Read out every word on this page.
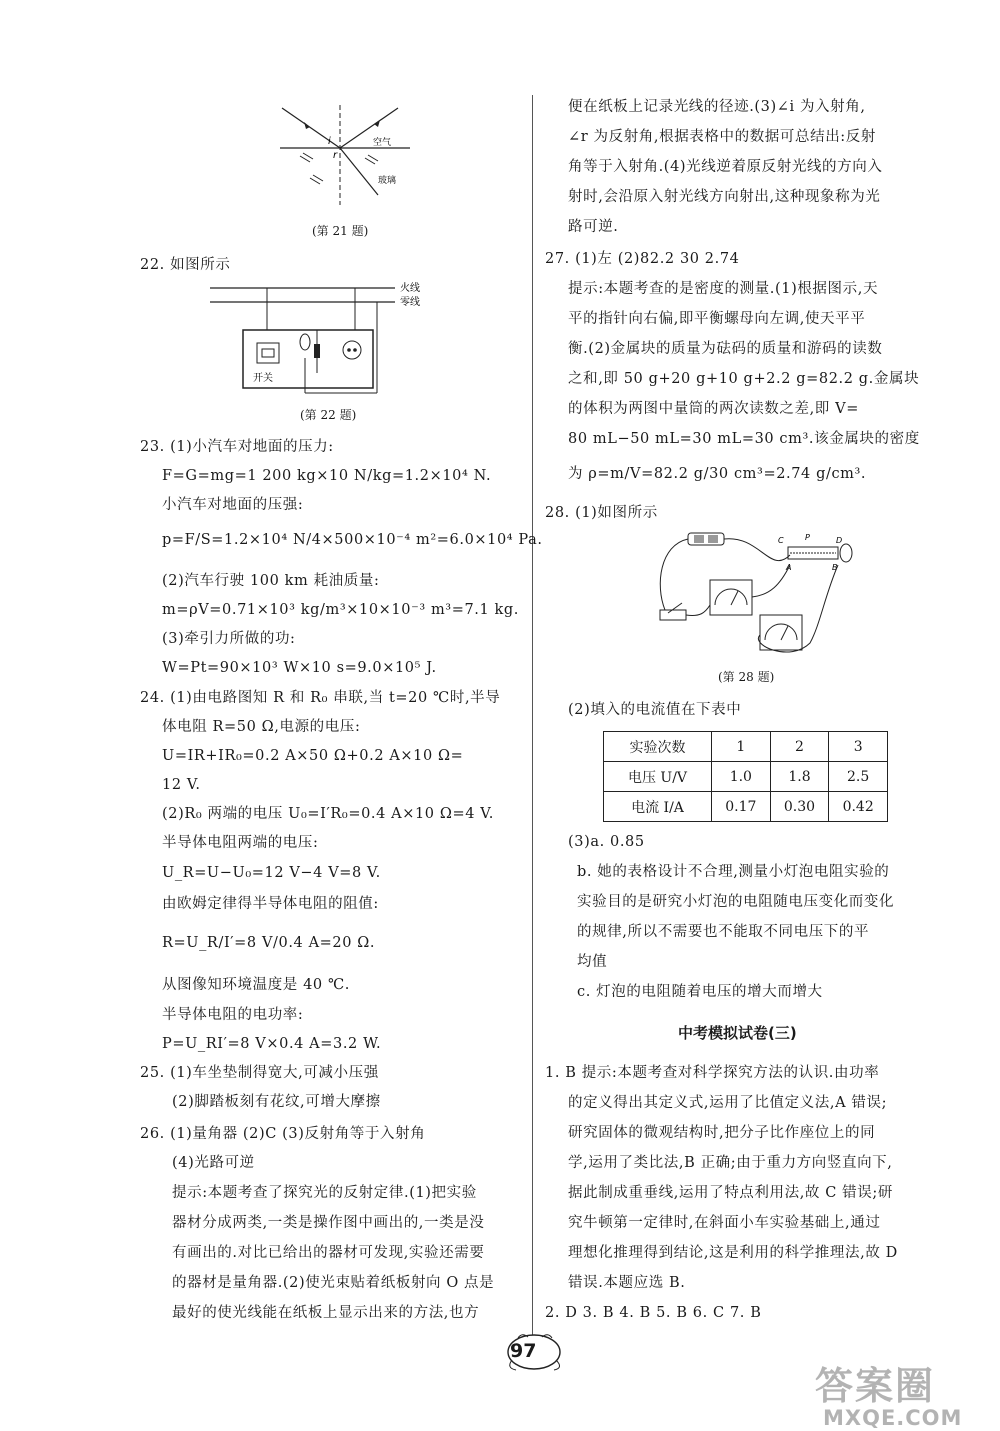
i
r
空气
玻璃
(第 21 题)
22. 如图所示
火线
零线
开关
(第 22 题)
23. (1)小汽车对地面的压力:
F=G=mg=1 200 kg×10 N/kg=1.2×10⁴ N.
小汽车对地面的压强:
p=F/S=1.2×10⁴ N/4×500×10⁻⁴ m²=6.0×10⁴ Pa.
(2)汽车行驶 100 km 耗油质量:
m=ρV=0.71×10³ kg/m³×10×10⁻³ m³=7.1 kg.
(3)牵引力所做的功:
W=Pt=90×10³ W×10 s=9.0×10⁵ J.
24. (1)由电路图知 R 和 R₀ 串联,当 t=20 ℃时,半导
体电阻 R=50 Ω,电源的电压:
U=IR+IR₀=0.2 A×50 Ω+0.2 A×10 Ω=
12 V.
(2)R₀ 两端的电压 U₀=I′R₀=0.4 A×10 Ω=4 V.
半导体电阻两端的电压:
U_R=U−U₀=12 V−4 V=8 V.
由欧姆定律得半导体电阻的阻值:
R=U_R/I′=8 V/0.4 A=20 Ω.
从图像知环境温度是 40 ℃.
半导体电阻的电功率:
P=U_RI′=8 V×0.4 A=3.2 W.
25. (1)车坐垫制得宽大,可减小压强
(2)脚踏板刻有花纹,可增大摩擦
26. (1)量角器 (2)C (3)反射角等于入射角
(4)光路可逆
提示:本题考查了探究光的反射定律.(1)把实验
器材分成两类,一类是操作图中画出的,一类是没
有画出的.对比已给出的器材可发现,实验还需要
的器材是量角器.(2)使光束贴着纸板射向 O 点是
最好的使光线能在纸板上显示出来的方法,也方
便在纸板上记录光线的径迹.(3)∠i 为入射角,
∠r 为反射角,根据表格中的数据可总结出:反射
角等于入射角.(4)光线逆着原反射光线的方向入
射时,会沿原入射光线方向射出,这种现象称为光
路可逆.
27. (1)左 (2)82.2 30 2.74
提示:本题考查的是密度的测量.(1)根据图示,天
平的指针向右偏,即平衡螺母向左调,使天平平
衡.(2)金属块的质量为砝码的质量和游码的读数
之和,即 50 g+20 g+10 g+2.2 g=82.2 g.金属块
的体积为两图中量筒的两次读数之差,即 V=
80 mL−50 mL=30 mL=30 cm³.该金属块的密度
为 ρ=m/V=82.2 g/30 cm³=2.74 g/cm³.
28. (1)如图所示
C	P	D
A	B
(第 28 题)
(2)填入的电流值在下表中
实验次数	1	2	3
电压 U/V	1.0	1.8	2.5
电流 I/A	0.17	0.30	0.42
(3)a. 0.85
b. 她的表格设计不合理,测量小灯泡电阻实验的
实验目的是研究小灯泡的电阻随电压变化而变化
的规律,所以不需要也不能取不同电压下的平
均值
c. 灯泡的电阻随着电压的增大而增大
中考模拟试卷(三)
1. B 提示:本题考查对科学探究方法的认识.由功率
的定义得出其定义式,运用了比值定义法,A 错误;
研究固体的微观结构时,把分子比作座位上的同
学,运用了类比法,B 正确;由于重力方向竖直向下,
据此制成重垂线,运用了特点利用法,故 C 错误;研
究牛顿第一定律时,在斜面小车实验基础上,通过
理想化推理得到结论,这是利用的科学推理法,故 D
错误.本题应选 B.
2. D 3. B 4. B 5. B 6. C 7. B
97
答案圈
MXQE.COM
